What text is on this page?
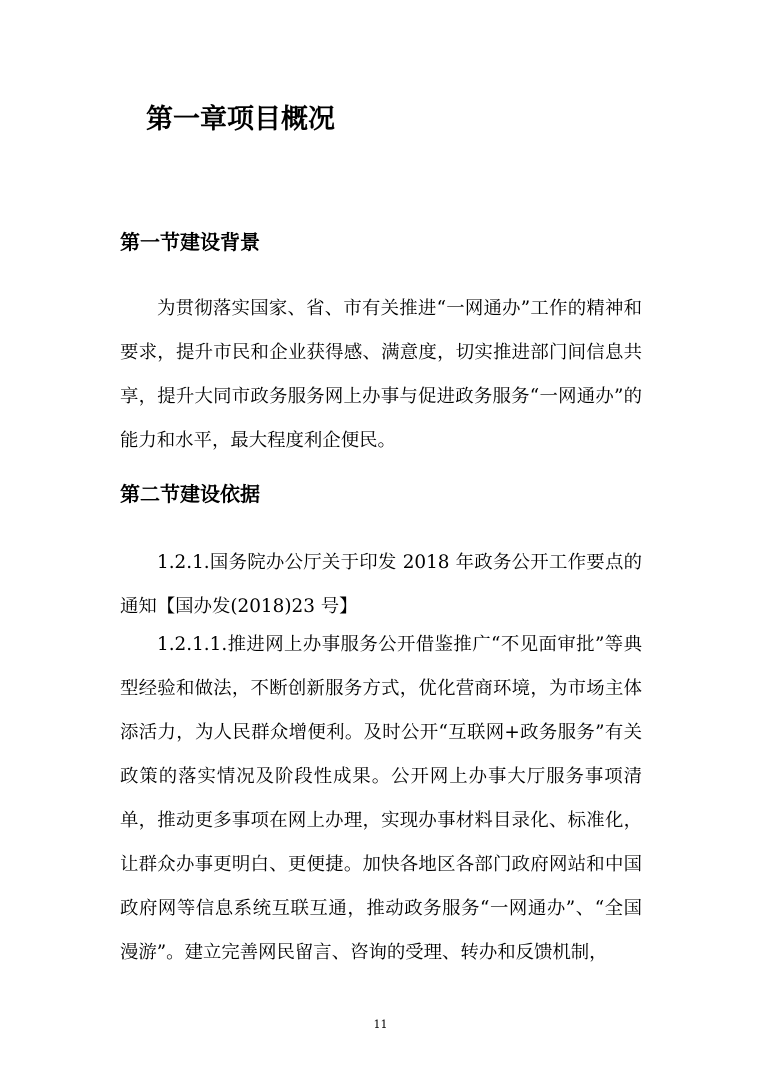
第一章项目概况
第一节建设背景

为贯彻落实国家、省、市有关推进“一网通办”工作的精神和要求，提升市民和企业获得感、满意度，切实推进部门间信息共享，提升大同市政务服务网上办事与促进政务服务“一网通办”的能力和水平，最大程度利企便民。

第二节建设依据

1.2.1.国务院办公厅关于印发 2018 年政务公开工作要点的通知【国办发(2018)23 号】

1.2.1.1.推进网上办事服务公开借鉴推广“不见面审批”等典型经验和做法，不断创新服务方式，优化营商环境，为市场主体添活力，为人民群众增便利。及时公开“互联网+政务服务”有关政策的落实情况及阶段性成果。公开网上办事大厅服务事项清单，推动更多事项在网上办理，实现办事材料目录化、标准化，让群众办事更明白、更便捷。加快各地区各部门政府网站和中国政府网等信息系统互联互通，推动政务服务“一网通办”、“全国漫游”。建立完善网民留言、咨询的受理、转办和反馈机制，

11
